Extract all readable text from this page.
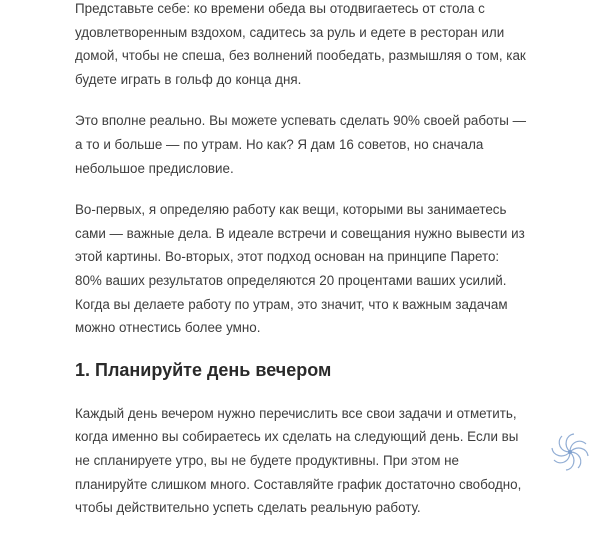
Представьте себе: ко времени обеда вы отодвигаетесь от стола с
удовлетворенным вздохом, садитесь за руль и едете в ресторан или
домой, чтобы не спеша, без волнений пообедать, размышляя о том, как
будете играть в гольф до конца дня.

Это вполне реально. Вы можете успевать сделать 90% своей работы —
а то и больше — по утрам. Но как? Я дам 16 советов, но сначала
небольшое предисловие.

Во-первых, я определяю работу как вещи, которыми вы занимаетесь
сами — важные дела. В идеале встречи и совещания нужно вывести из
этой картины. Во-вторых, этот подход основан на принципе Парето:
80% ваших результатов определяются 20 процентами ваших усилий.
Когда вы делаете работу по утрам, это значит, что к важным задачам
можно отнестись более умно.

1. Планируйте день вечером

Каждый день вечером нужно перечислить все свои задачи и отметить,
когда именно вы собираетесь их сделать на следующий день. Если вы
не спланируете утро, вы не будете продуктивны. При этом не
планируйте слишком много. Составляйте график достаточно свободно,
чтобы действительно успеть сделать реальную работу.
